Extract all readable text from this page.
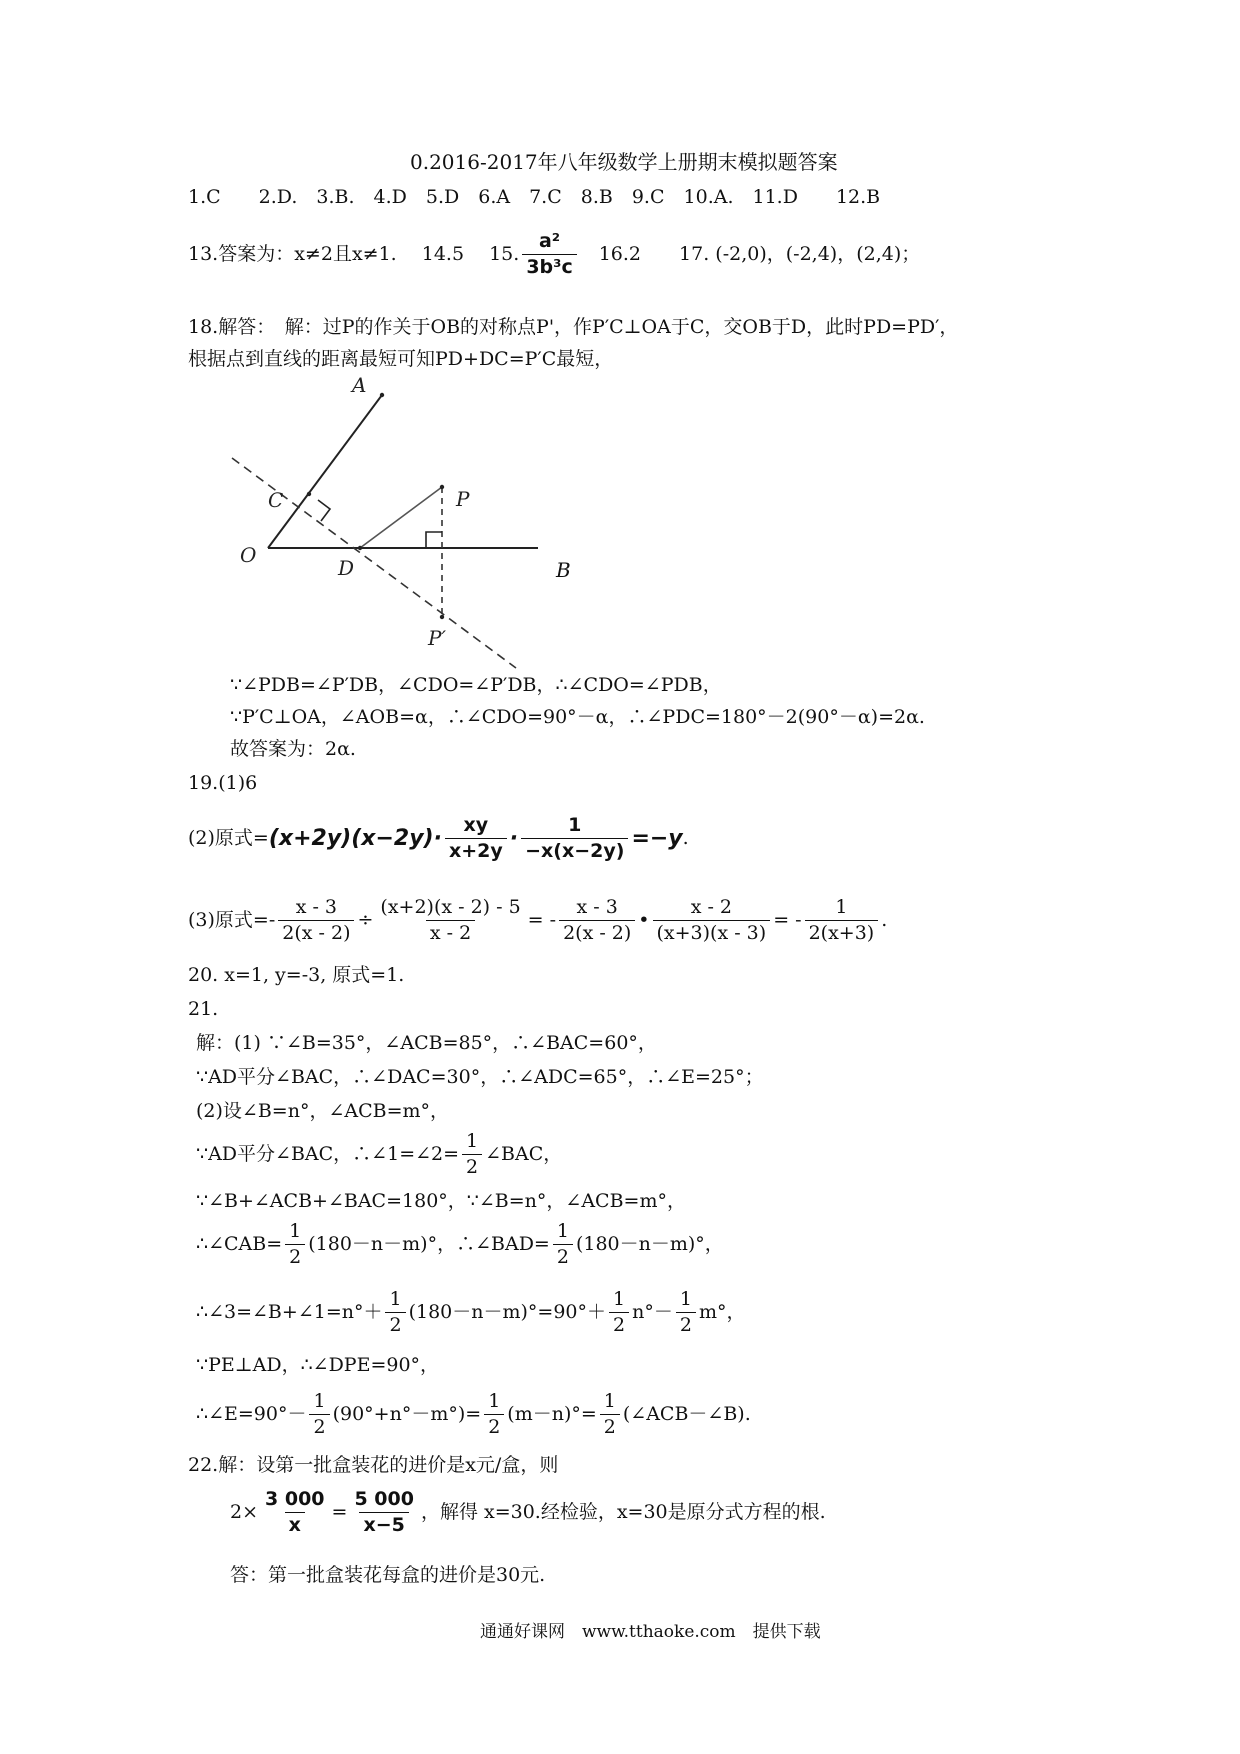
0.2016-2017年八年级数学上册期末模拟题答案
1.C　　2.D.　3.B.　4.D　5.D　6.A　7.C　8.B　9.C　10.A.　11.D　　12.B
13.答案为：x≠2且x≠1.　 14.5　 15. $\frac{\text{a²}}{\text{3b³c}}$ 　16.2　　17. (-2,0)，(-2,4)，(2,4)；
18.解答：　解：过P的作关于OB的对称点P'，作P′C⊥OA于C，交OB于D，此时PD=PD′，
根据点到直线的距离最短可知PD+DC=P′C最短，
A
C
O
D
P
P′
B
∵∠PDB=∠P′DB，∠CDO=∠P′DB，∴∠CDO=∠PDB，
∵P′C⊥OA，∠AOB=α，∴∠CDO=90°－α，∴∠PDC=180°－2(90°－α)=2α.
故答案为：2α.
19.(1)6
(2)原式= $(x+2y)(x-2y)\cdot \frac{xy}{x+2y} \cdot \frac{1}{-x(x-2y)} =-y$ .
(3)原式=- $\frac{x - 3}{2(x - 2)} \div \frac{(x+2)(x - 2) - 5}{x - 2}$ = - $\frac{x - 3}{2(x - 2)}$ • $\frac{x - 2}{(x+3)(x - 3)}$ = - $\frac{1}{2(x+3)}$ .
20. x=1, y=-3, 原式=1.
21.
解：(1) ∵∠B=35°，∠ACB=85°，∴∠BAC=60°，
∵AD平分∠BAC，∴∠DAC=30°，∴∠ADC=65°，∴∠E=25°；
(2)设∠B=n°，∠ACB=m°，
∵AD平分∠BAC，∴∠1=∠2= $\frac{1}{2}$ ∠BAC，
∵∠B+∠ACB+∠BAC=180°，∵∠B=n°，∠ACB=m°，
∴∠CAB= $\frac{1}{2} (180-n-m)^\circ$，∴∠BAD= $\frac{1}{2} (180-n-m)^\circ$，
∴∠3=∠B+∠1=n°＋ $\frac{1}{2} (180-n-m)^\circ=90^\circ+ \frac{1}{2} n^\circ- \frac{1}{2} m^\circ$，
∵PE⊥AD，∴∠DPE=90°，
∴∠E=90°－ $\frac{1}{2} (90^\circ+n^\circ-m^\circ)= \frac{1}{2} (m-n)^\circ= \frac{1}{2}$ (∠ACB－∠B).
22.解：设第一批盒装花的进价是x元/盒，则
$2\times \frac{3 000}{x} = \frac{5 000}{x-5}$ ，解得 x=30.经检验，x=30是原分式方程的根.
答：第一批盒装花每盒的进价是30元.
通通好课网　www.tthaoke.com　提供下载
